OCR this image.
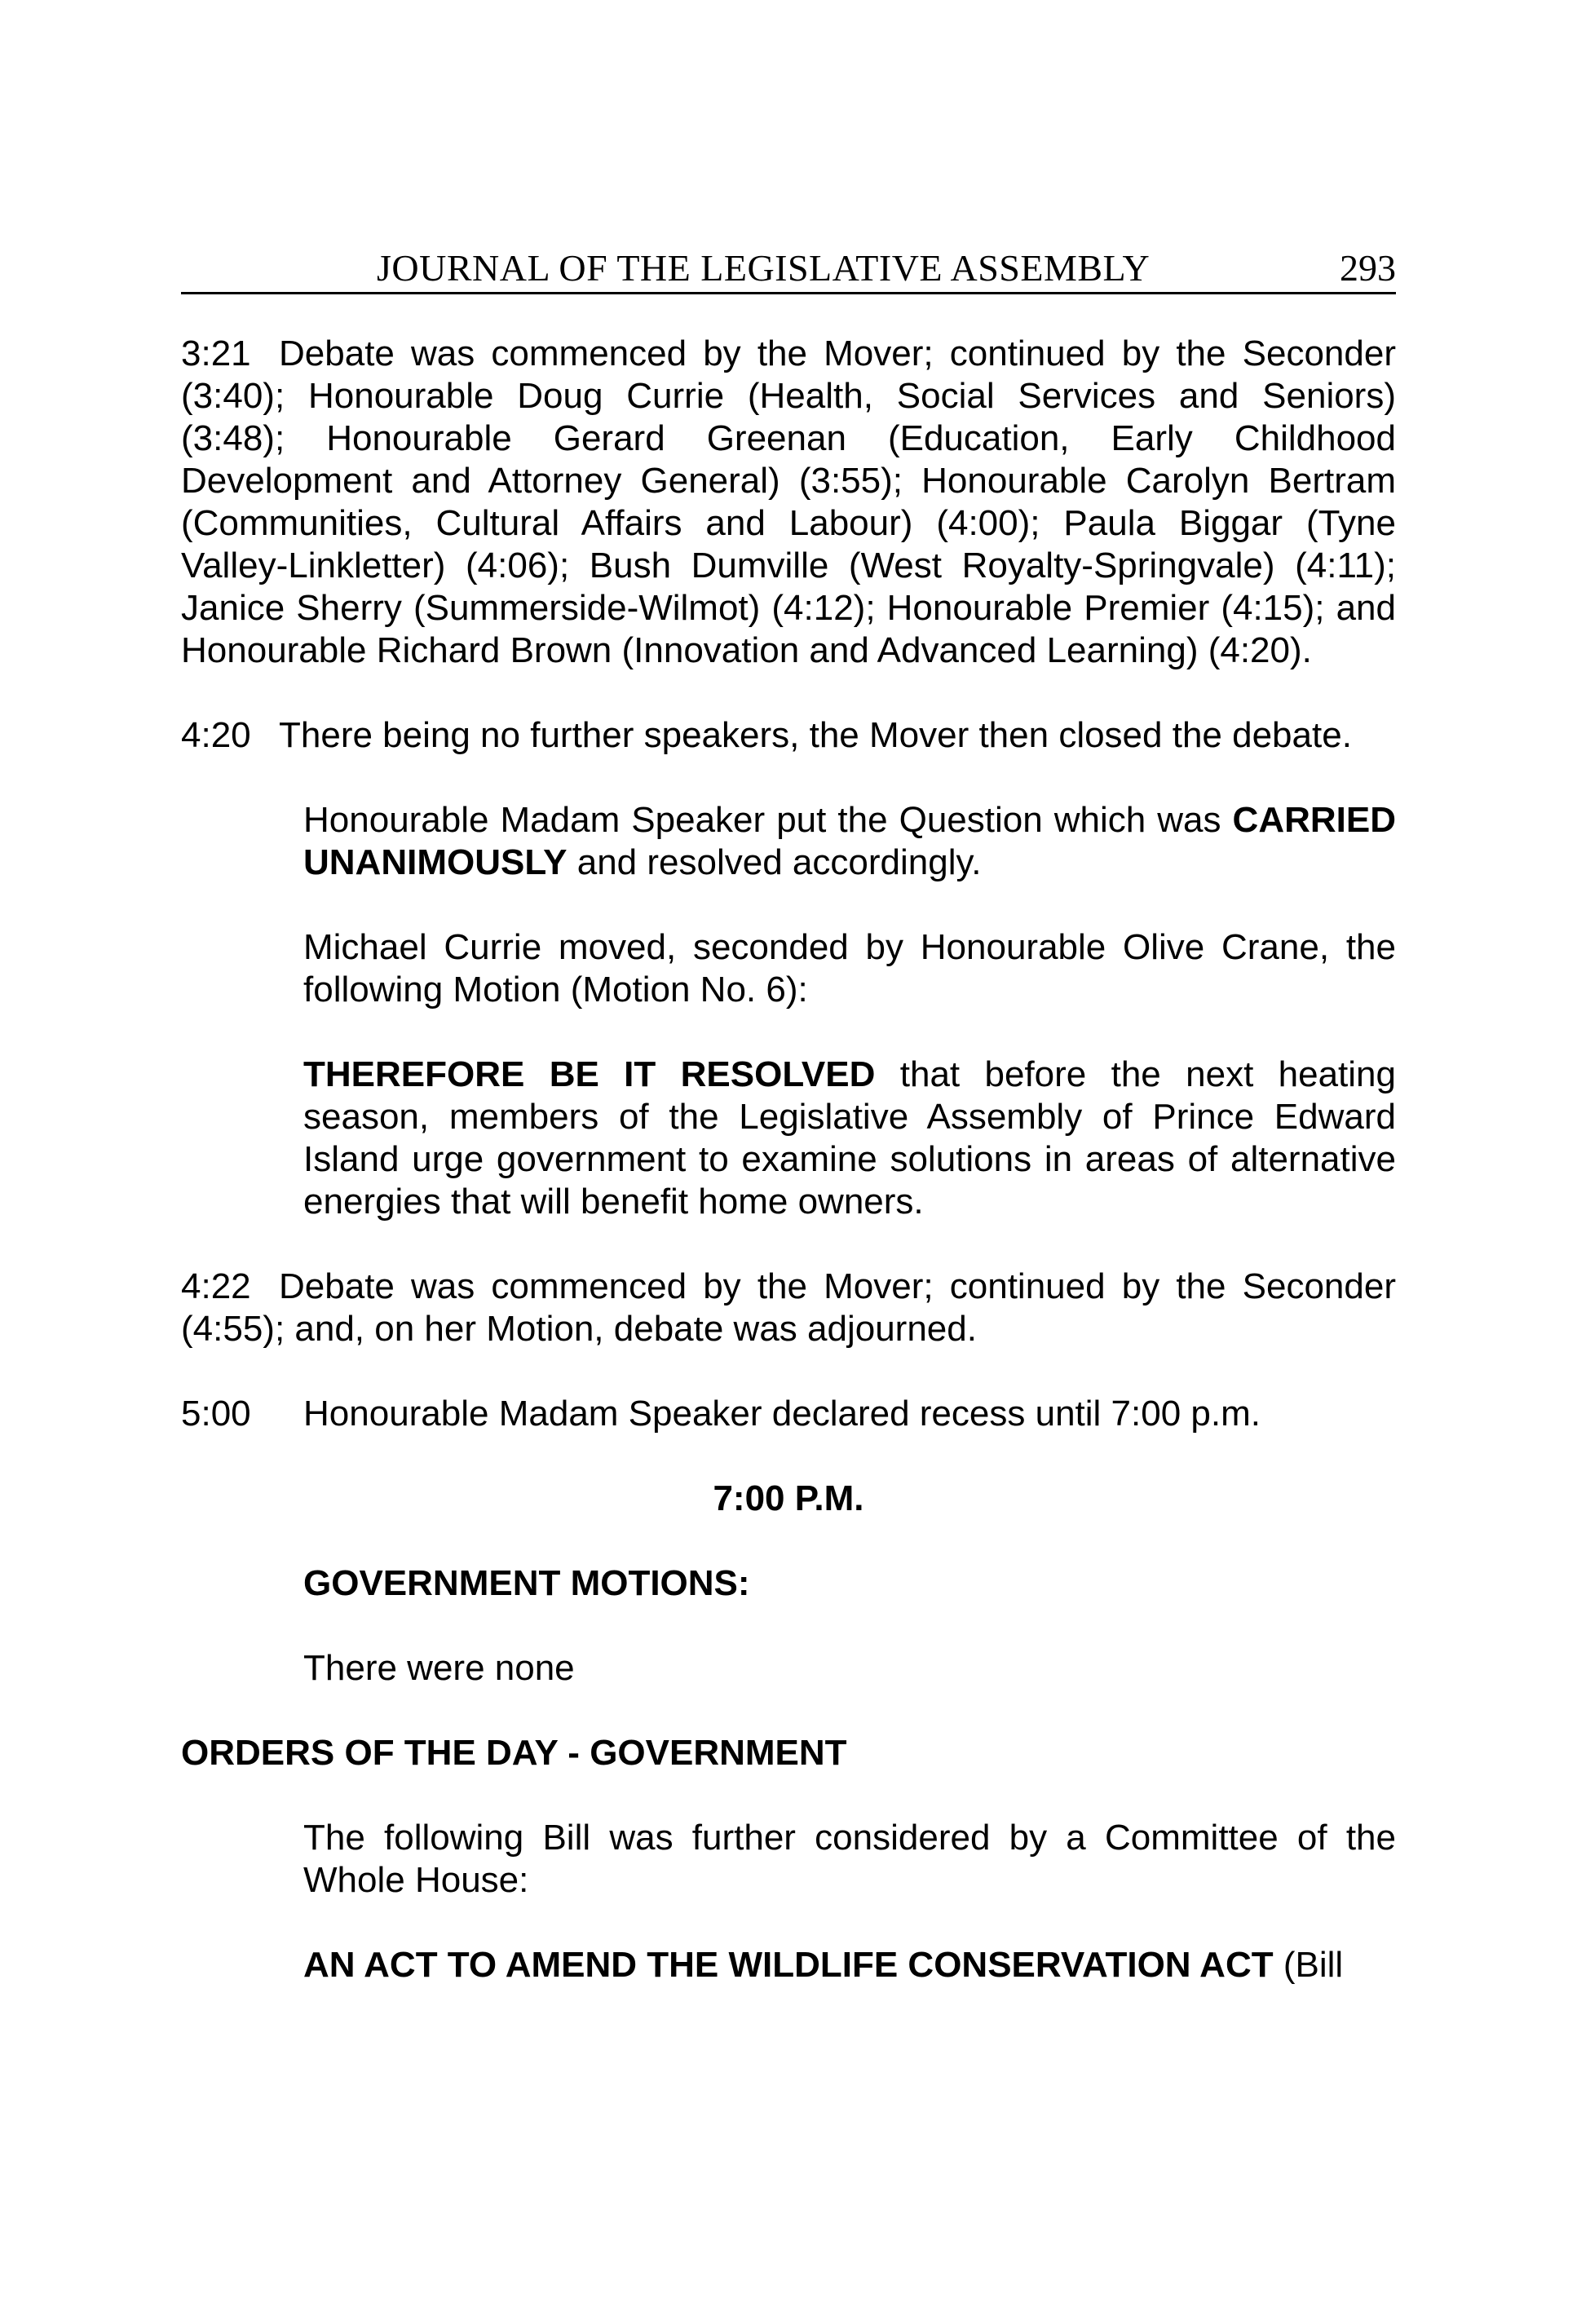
JOURNAL OF THE LEGISLATIVE ASSEMBLY	293

3:21 Debate was commenced by the Mover; continued by the Seconder (3:40); Honourable Doug Currie (Health, Social Services and Seniors) (3:48); Honourable Gerard Greenan (Education, Early Childhood Development and Attorney General) (3:55); Honourable Carolyn Bertram (Communities, Cultural Affairs and Labour) (4:00); Paula Biggar (Tyne Valley-Linkletter) (4:06); Bush Dumville (West Royalty-Springvale) (4:11); Janice Sherry (Summerside-Wilmot) (4:12); Honourable Premier (4:15); and Honourable Richard Brown (Innovation and Advanced Learning) (4:20).

4:20 There being no further speakers, the Mover then closed the debate.

Honourable Madam Speaker put the Question which was CARRIED UNANIMOUSLY and resolved accordingly.

Michael Currie moved, seconded by Honourable Olive Crane, the following Motion (Motion No. 6):

THEREFORE BE IT RESOLVED that before the next heating season, members of the Legislative Assembly of Prince Edward Island urge government to examine solutions in areas of alternative energies that will benefit home owners.

4:22 Debate was commenced by the Mover; continued by the Seconder (4:55); and, on her Motion, debate was adjourned.

5:00 Honourable Madam Speaker declared recess until 7:00 p.m.

7:00 P.M.

GOVERNMENT MOTIONS:

There were none

ORDERS OF THE DAY - GOVERNMENT

The following Bill was further considered by a Committee of the Whole House:

AN ACT TO AMEND THE WILDLIFE CONSERVATION ACT (Bill
